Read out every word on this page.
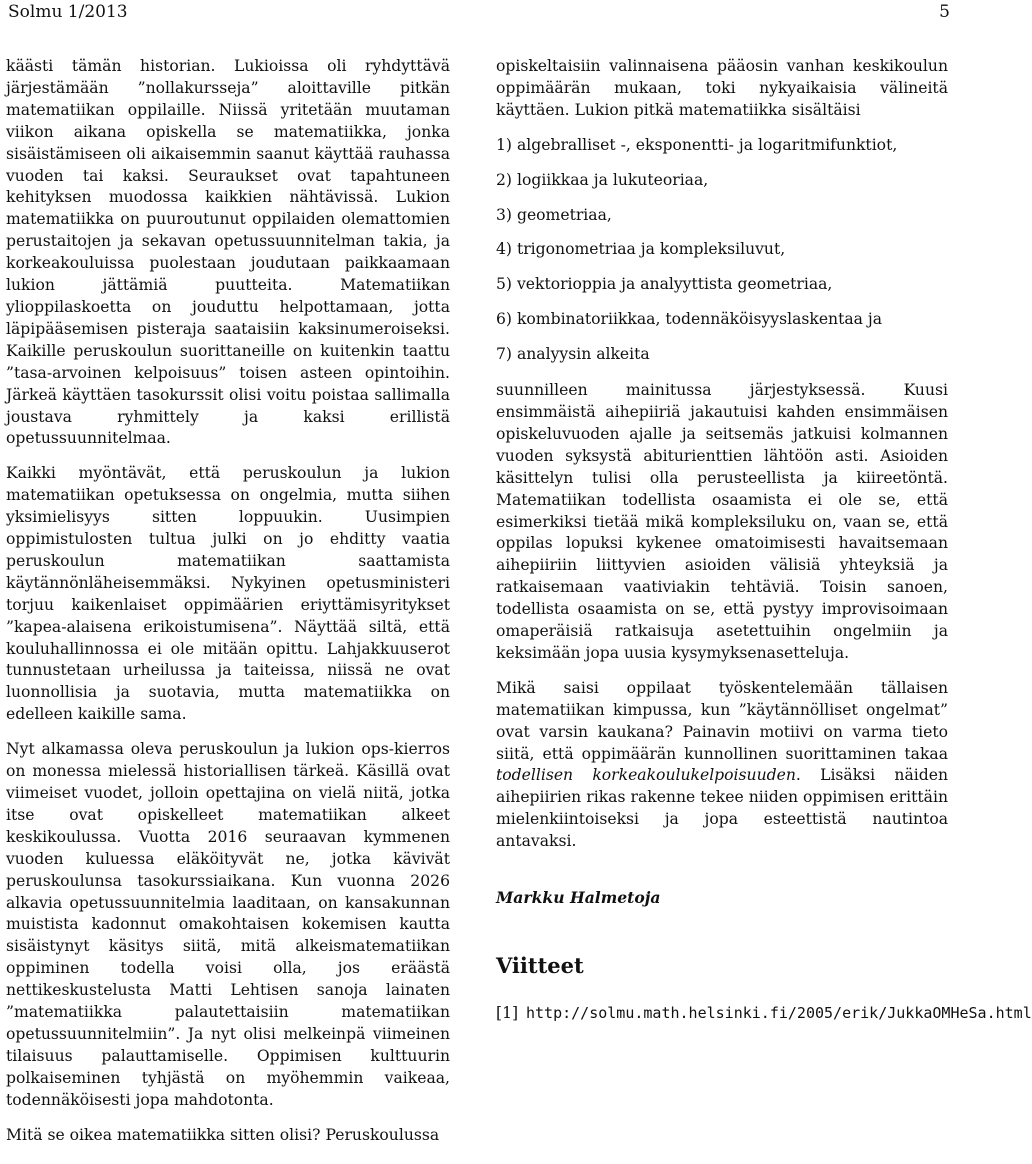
Solmu 1/2013	5

käästi tämän historian. Lukioissa oli ryhdyttävä järjestämään ”nollakursseja” aloittaville pitkän matematiikan oppilaille. Niissä yritetään muutaman viikon aikana opiskella se matematiikka, jonka sisäistämiseen oli aikaisemmin saanut käyttää rauhassa vuoden tai kaksi. Seuraukset ovat tapahtuneen kehityksen muodossa kaikkien nähtävissä. Lukion matematiikka on puuroutunut oppilaiden olemattomien perustaitojen ja sekavan opetussuunnitelman takia, ja korkeakouluissa puolestaan joudutaan paikkaamaan lukion jättämiä puutteita. Matematiikan ylioppilaskoetta on jouduttu helpottamaan, jotta läpipääsemisen pisteraja saataisiin kaksinumeroiseksi. Kaikille peruskoulun suorittaneille on kuitenkin taattu ”tasa-arvoinen kelpoisuus” toisen asteen opintoihin. Järkeä käyttäen tasokurssit olisi voitu poistaa sallimalla joustava ryhmittely ja kaksi erillistä opetussuunnitelmaa.

Kaikki myöntävät, että peruskoulun ja lukion matematiikan opetuksessa on ongelmia, mutta siihen yksimielisyys sitten loppuukin. Uusimpien oppimistulosten tultua julki on jo ehditty vaatia peruskoulun matematiikan saattamista käytännönläheisemmäksi. Nykyinen opetusministeri torjuu kaikenlaiset oppimäärien eriyttämisyritykset ”kapea-alaisena erikoistumisena”. Näyttää siltä, että kouluhallinnossa ei ole mitään opittu. Lahjakkuuserot tunnustetaan urheilussa ja taiteissa, niissä ne ovat luonnollisia ja suotavia, mutta matematiikka on edelleen kaikille sama.

Nyt alkamassa oleva peruskoulun ja lukion ops-kierros on monessa mielessä historiallisen tärkeä. Käsillä ovat viimeiset vuodet, jolloin opettajina on vielä niitä, jotka itse ovat opiskelleet matematiikan alkeet keskikoulussa. Vuotta 2016 seuraavan kymmenen vuoden kuluessa eläköityvät ne, jotka kävivät peruskoulunsa tasokurssiaikana. Kun vuonna 2026 alkavia opetussuunnitelmia laaditaan, on kansakunnan muistista kadonnut omakohtaisen kokemisen kautta sisäistynyt käsitys siitä, mitä alkeismatematiikan oppiminen todella voisi olla, jos eräästä nettikeskustelusta Matti Lehtisen sanoja lainaten ”matematiikka palautettaisiin matematiikan opetussuunnitelmiin”. Ja nyt olisi melkeinpä viimeinen tilaisuus palauttamiselle. Oppimisen kulttuurin polkaiseminen tyhjästä on myöhemmin vaikeaa, todennäköisesti jopa mahdotonta.

Mitä se oikea matematiikka sitten olisi? Peruskoulussa

opiskeltaisiin valinnaisena pääosin vanhan keskikoulun oppimäärän mukaan, toki nykyaikaisia välineitä käyttäen. Lukion pitkä matematiikka sisältäisi

1) algebralliset -, eksponentti- ja logaritmifunktiot,
2) logiikkaa ja lukuteoriaa,
3) geometriaa,
4) trigonometriaa ja kompleksiluvut,
5) vektorioppia ja analyyttista geometriaa,
6) kombinatoriikkaa, todennäköisyyslaskentaa ja
7) analyysin alkeita

suunnilleen mainitussa järjestyksessä. Kuusi ensimmäistä aihepiiriä jakautuisi kahden ensimmäisen opiskeluvuoden ajalle ja seitsemäs jatkuisi kolmannen vuoden syksystä abiturienttien lähtöön asti. Asioiden käsittelyn tulisi olla perusteellista ja kiireetöntä. Matematiikan todellista osaamista ei ole se, että esimerkiksi tietää mikä kompleksiluku on, vaan se, että oppilas lopuksi kykenee omatoimisesti havaitsemaan aihepiiriin liittyvien asioiden välisiä yhteyksiä ja ratkaisemaan vaativiakin tehtäviä. Toisin sanoen, todellista osaamista on se, että pystyy improvisoimaan omaperäisiä ratkaisuja asetettuihin ongelmiin ja keksimään jopa uusia kysymyksenasetteluja.

Mikä saisi oppilaat työskentelemään tällaisen matematiikan kimpussa, kun ”käytännölliset ongelmat” ovat varsin kaukana? Painavin motiivi on varma tieto siitä, että oppimäärän kunnollinen suorittaminen takaa todellisen korkeakoulukelpoisuuden. Lisäksi näiden aihepiirien rikas rakenne tekee niiden oppimisen erittäin mielenkiintoiseksi ja jopa esteettistä nautintoa antavaksi.

Markku Halmetoja
Viitteet
[1] http://solmu.math.helsinki.fi/2005/erik/JukkaOMHeSa.html
